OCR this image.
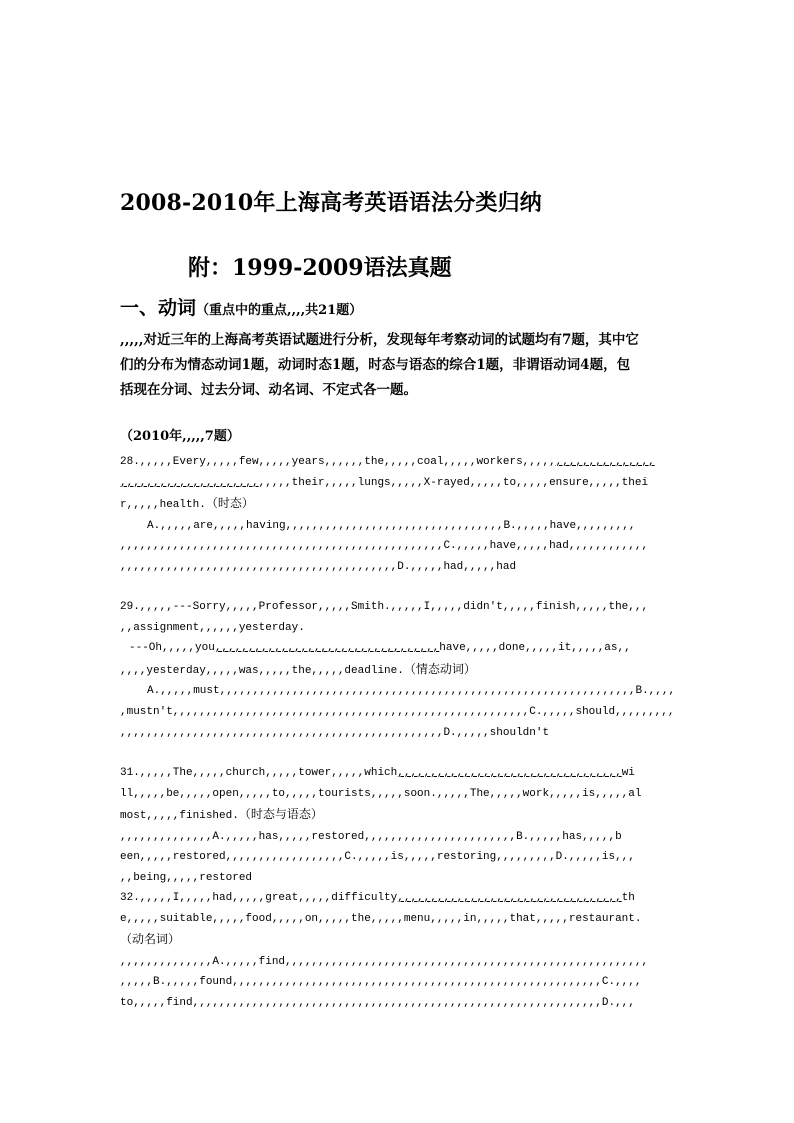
2008-2010年上海高考英语语法分类归纳
附：1999-2009语法真题
一、动词（重点中的重点,,,,共21题）
,,,,,对近三年的上海高考英语试题进行分析，发现每年考察动词的试题均有7题，其中它
们的分布为情态动词1题，动词时态1题，时态与语态的综合1题，非谓语动词4题，包
括现在分词、过去分词、动名词、不定式各一题。
（2010年,,,,,7题）
28.,,,,,Every,,,,,few,,,,,years,,,,,,the,,,,,coal,,,,,workers,,,,,,,,,,,,,,,,,,,,
,,,,,,,,,,,,,,,,,,,,,,,,,,their,,,,,lungs,,,,,X-rayed,,,,,to,,,,,ensure,,,,,thei
r,,,,,health.（时态）
A.,,,,,are,,,,,having,,,,,,,,,,,,,,,,,,,,,,,,,,,,,,,,,B.,,,,,have,,,,,,,,,
,,,,,,,,,,,,,,,,,,,,,,,,,,,,,,,,,,,,,,,,,,,,,,,,,C.,,,,,have,,,,,had,,,,,,,,,,,,
,,,,,,,,,,,,,,,,,,,,,,,,,,,,,,,,,,,,,,,,,,D.,,,,,had,,,,,had
29.,,,,,---Sorry,,,,,Professor,,,,,Smith.,,,,,I,,,,,didn't,,,,,finish,,,,,the,,,
,,assignment,,,,,,yesterday.
---Oh,,,,,you,,,,,,,,,,,,,,,,,,,,,,,,,,,,,,,,,,have,,,,,done,,,,,it,,,,,as,,
,,,,yesterday,,,,,was,,,,,the,,,,,deadline.（情态动词）
A.,,,,,must,,,,,,,,,,,,,,,,,,,,,,,,,,,,,,,,,,,,,,,,,,,,,,,,,,,,,,,,,,,,,,,B.,,,,
,mustn't,,,,,,,,,,,,,,,,,,,,,,,,,,,,,,,,,,,,,,,,,,,,,,,,,,,,,,C.,,,,,should,,,,,,,,,
,,,,,,,,,,,,,,,,,,,,,,,,,,,,,,,,,,,,,,,,,,,,,,,,,D.,,,,,shouldn't
31.,,,,,The,,,,,church,,,,,tower,,,,,which,,,,,,,,,,,,,,,,,,,,,,,,,,,,,,,,,,wi
ll,,,,,be,,,,,open,,,,,to,,,,,tourists,,,,,soon.,,,,,The,,,,,work,,,,,is,,,,,al
most,,,,,finished.（时态与语态）
,,,,,,,,,,,,,,A.,,,,,has,,,,,restored,,,,,,,,,,,,,,,,,,,,,,,B.,,,,,has,,,,,b
een,,,,,restored,,,,,,,,,,,,,,,,,,C.,,,,,is,,,,,restoring,,,,,,,,,D.,,,,,is,,,
,,being,,,,,restored
32.,,,,,I,,,,,had,,,,,great,,,,,difficulty,,,,,,,,,,,,,,,,,,,,,,,,,,,,,,,,,,th
e,,,,,suitable,,,,,food,,,,,on,,,,,the,,,,,menu,,,,,in,,,,,that,,,,,restaurant.
（动名词）
,,,,,,,,,,,,,,A.,,,,,find,,,,,,,,,,,,,,,,,,,,,,,,,,,,,,,,,,,,,,,,,,,,,,,,,,,,,,,
,,,,,B.,,,,,found,,,,,,,,,,,,,,,,,,,,,,,,,,,,,,,,,,,,,,,,,,,,,,,,,,,,,,,,C.,,,,
to,,,,,find,,,,,,,,,,,,,,,,,,,,,,,,,,,,,,,,,,,,,,,,,,,,,,,,,,,,,,,,,,,,,,D.,,,
